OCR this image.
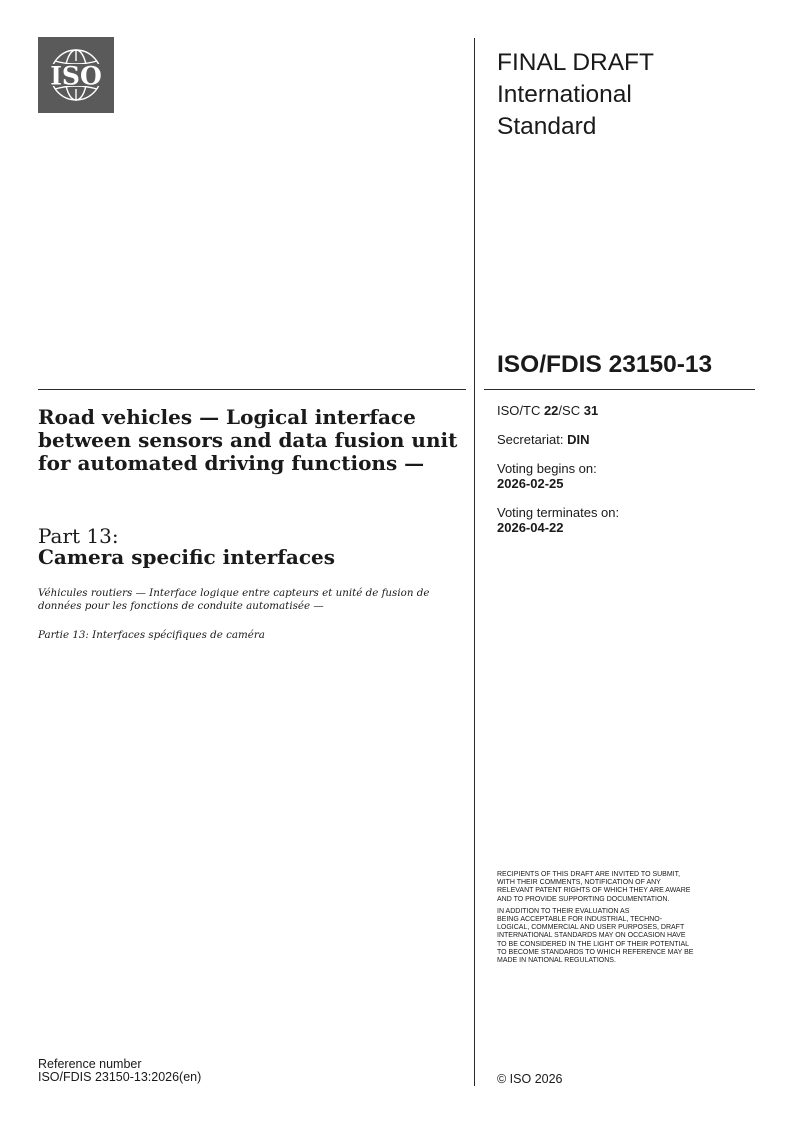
ISO	FINAL DRAFT
International
Standard
ISO/FDIS 23150-13
ISO/TC 22/SC 31
Secretariat: DIN
Voting begins on:
2026-02-25
Voting terminates on:
2026-04-22
Road vehicles — Logical interface between sensors and data fusion unit for automated driving functions —
Part 13:
Camera specific interfaces
Véhicules routiers — Interface logique entre capteurs et unité de fusion de données pour les fonctions de conduite automatisée —
Partie 13: Interfaces spécifiques de caméra

RECIPIENTS OF THIS DRAFT ARE INVITED TO SUBMIT,
WITH THEIR COMMENTS, NOTIFICATION OF ANY
RELEVANT PATENT RIGHTS OF WHICH THEY ARE AWARE
AND TO PROVIDE SUPPORTING DOCUMENTATION.

IN ADDITION TO THEIR EVALUATION AS
BEING ACCEPTABLE FOR INDUSTRIAL, TECHNO-
LOGICAL, COMMERCIAL AND USER PURPOSES, DRAFT
INTERNATIONAL STANDARDS MAY ON OCCASION HAVE
TO BE CONSIDERED IN THE LIGHT OF THEIR POTENTIAL
TO BECOME STANDARDS TO WHICH REFERENCE MAY BE
MADE IN NATIONAL REGULATIONS.

Reference number
ISO/FDIS 23150-13:2026(en)	© ISO 2026
